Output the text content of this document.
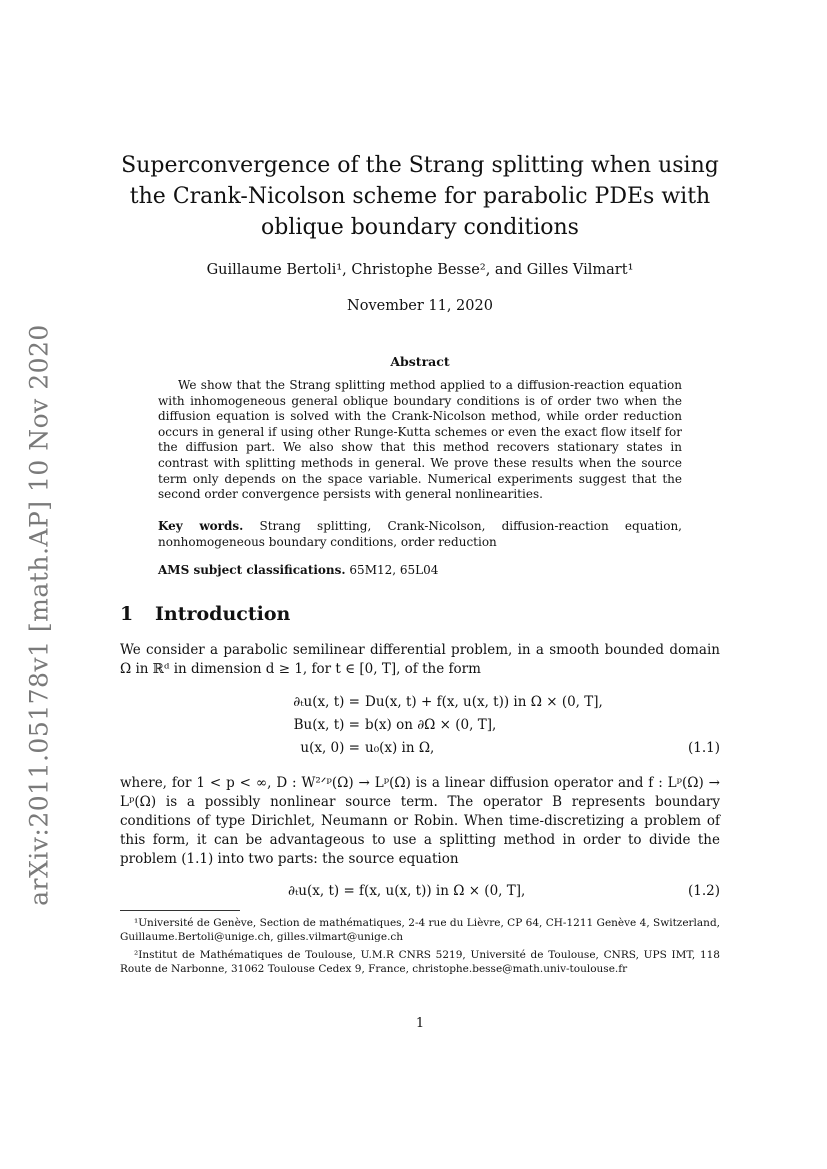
arXiv:2011.05178v1 [math.AP] 10 Nov 2020
Superconvergence of the Strang splitting when using the Crank-Nicolson scheme for parabolic PDEs with oblique boundary conditions
Guillaume Bertoli¹, Christophe Besse², and Gilles Vilmart¹
November 11, 2020
Abstract

We show that the Strang splitting method applied to a diffusion-reaction equation with inhomogeneous general oblique boundary conditions is of order two when the diffusion equation is solved with the Crank-Nicolson method, while order reduction occurs in general if using other Runge-Kutta schemes or even the exact flow itself for the diffusion part. We also show that this method recovers stationary states in contrast with splitting methods in general. We prove these results when the source term only depends on the space variable. Numerical experiments suggest that the second order convergence persists with general nonlinearities.

Key words. Strang splitting, Crank-Nicolson, diffusion-reaction equation, nonhomogeneous boundary conditions, order reduction

AMS subject classifications. 65M12, 65L04

1 Introduction

We consider a parabolic semilinear differential problem, in a smooth bounded domain Ω in ℝᵈ in dimension d ≥ 1, for t ∈ [0, T], of the form

∂ₜu(x, t) = Du(x, t) + f(x, u(x, t)) in Ω × (0, T],
Bu(x, t) = b(x) on ∂Ω × (0, T],
u(x, 0) = u₀(x) in Ω,	(1.1)

where, for 1 < p < ∞, D : W²ᐟᵖ(Ω) → Lᵖ(Ω) is a linear diffusion operator and f : Lᵖ(Ω) → Lᵖ(Ω) is a possibly nonlinear source term. The operator B represents boundary conditions of type Dirichlet, Neumann or Robin. When time-discretizing a problem of this form, it can be advantageous to use a splitting method in order to divide the problem (1.1) into two parts: the source equation

∂ₜu(x, t) = f(x, u(x, t)) in Ω × (0, T],	(1.2)

¹Université de Genève, Section de mathématiques, 2-4 rue du Lièvre, CP 64, CH-1211 Genève 4, Switzerland, Guillaume.Bertoli@unige.ch, gilles.vilmart@unige.ch

²Institut de Mathématiques de Toulouse, U.M.R CNRS 5219, Université de Toulouse, CNRS, UPS IMT, 118 Route de Narbonne, 31062 Toulouse Cedex 9, France, christophe.besse@math.univ-toulouse.fr

1
